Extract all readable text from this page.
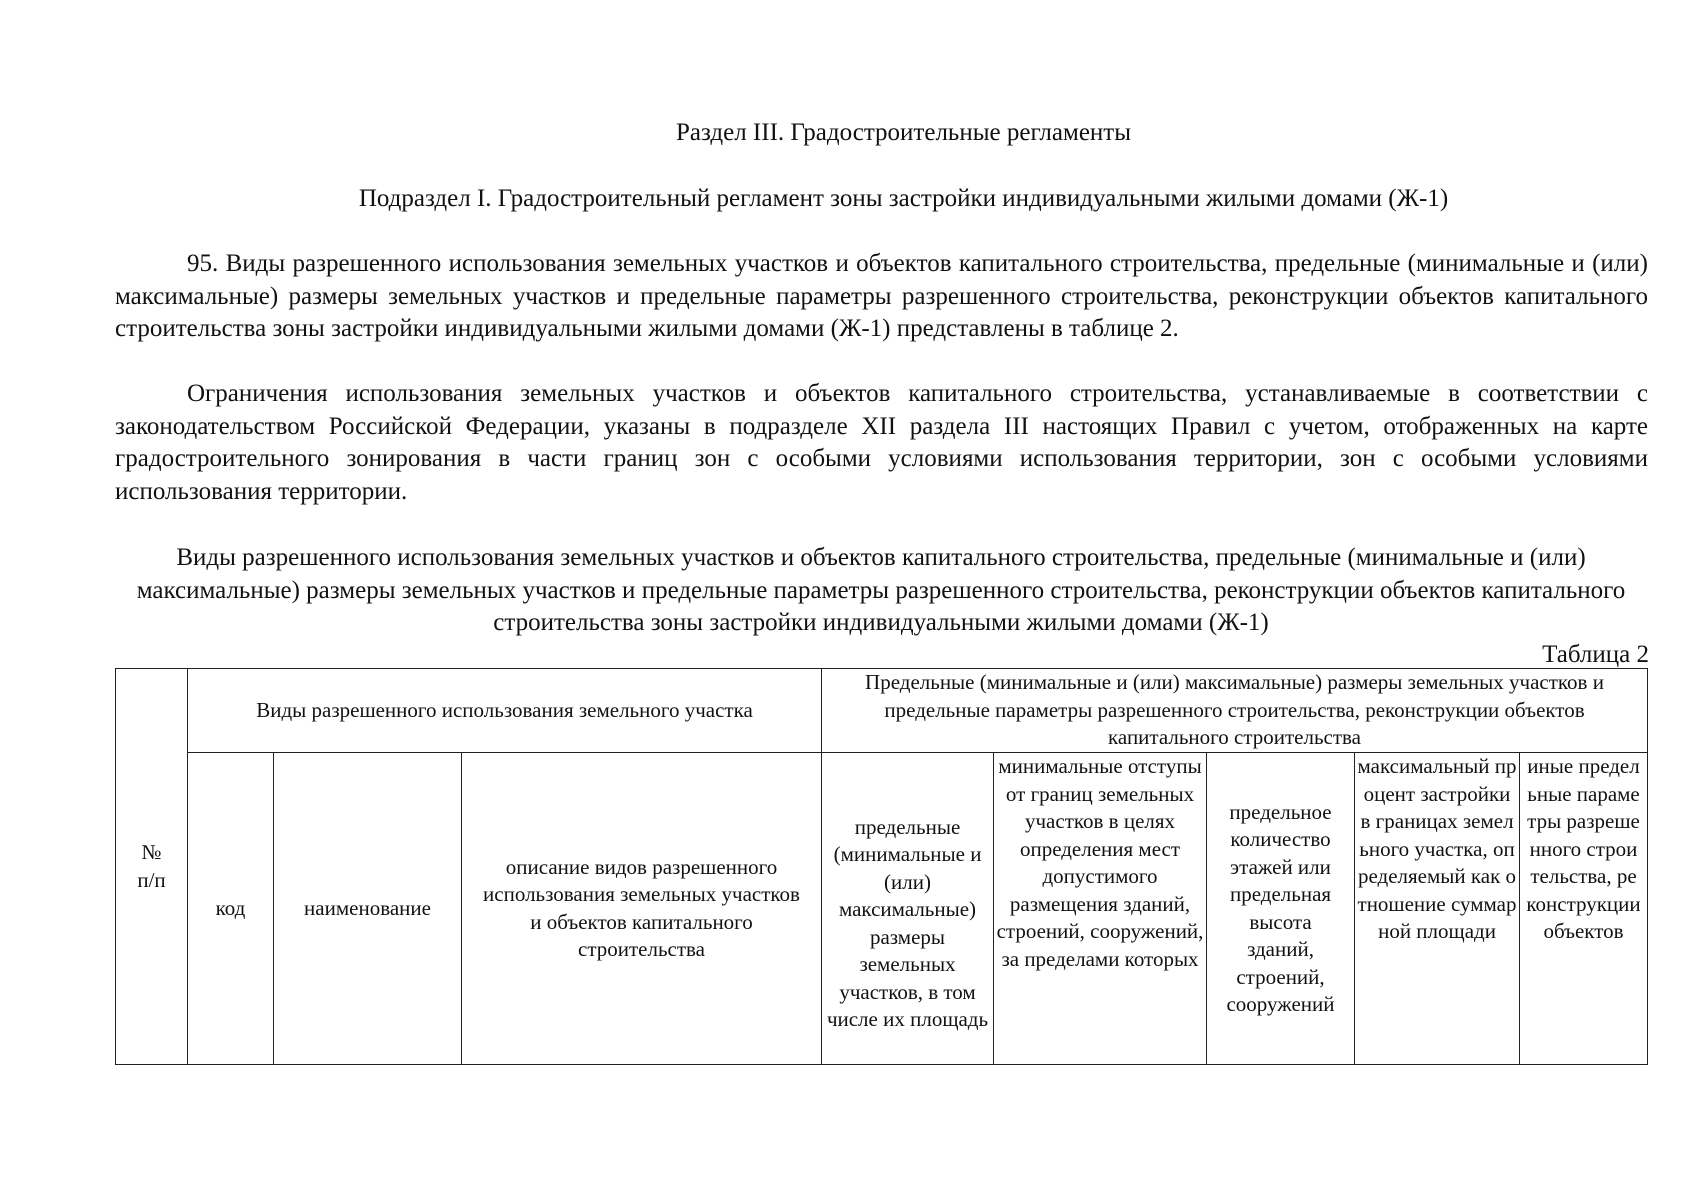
Раздел III. Градостроительные регламенты
Подраздел I. Градостроительный регламент зоны застройки индивидуальными жилыми домами (Ж-1)

95. Виды разрешенного использования земельных участков и объектов капитального строительства, предельные (минимальные и (или) максимальные) размеры земельных участков и предельные параметры разрешенного строительства, реконструкции объектов капитального строительства зоны застройки индивидуальными жилыми домами (Ж-1) представлены в таблице 2.

Ограничения использования земельных участков и объектов капитального строительства, устанавливаемые в соответствии с законодательством Российской Федерации, указаны в подразделе XII раздела III настоящих Правил с учетом, отображенных на карте градостроительного зонирования в части границ зон с особыми условиями использования территории, зон с особыми условиями использования территории.

Виды разрешенного использования земельных участков и объектов капитального строительства, предельные (минимальные и (или) максимальные) размеры земельных участков и предельные параметры разрешенного строительства, реконструкции объектов капитального строительства зоны застройки индивидуальными жилыми домами (Ж-1)

Таблица 2
№ п/п	Виды разрешенного использования земельного участка			Предельные (минимальные и (или) максимальные) размеры земельных участков и предельные параметры разрешенного строительства, реконструкции объектов капитального строительства				
	код	наименование	описание видов разрешенного использования земельных участков и объектов капитального строительства	предельные (минимальные и (или) максимальные) размеры земельных участков, в том числе их площадь	минимальные отступы от границ земельных участков в целях определения мест допустимого размещения зданий, строений, сооружений, за пределами которых	предельное количество этажей или предельная высота зданий, строений, сооружений	максимальный процент застройки в границах земельного участка, определяемый как отношение суммарной площади	иные предельные параметры разрешенного строительства, реконструкции объектов
